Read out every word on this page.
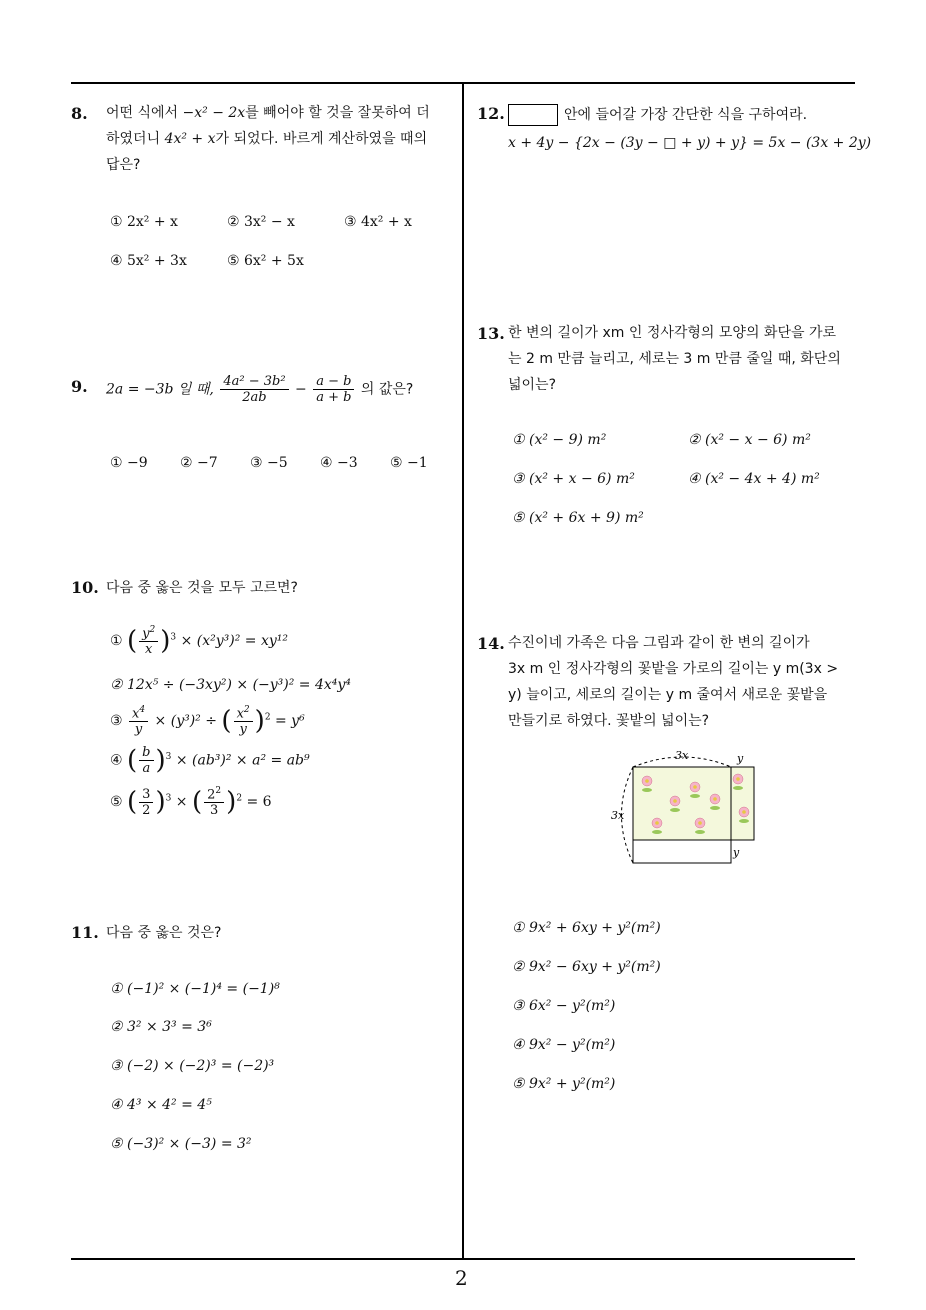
2
8. 어떤 식에서 −x² − 2x를 빼어야 할 것을 잘못하여 더
하였더니 4x² + x가 되었다. 바르게 계산하였을 때의
답은?
① 2x² + x	② 3x² − x	③ 4x² + x
④ 5x² + 3x	⑤ 6x² + 5x
9. 2a = −3b 일 때, $\frac{\text{4a² − 3b²}}{2ab} - \frac{a - b}{a + b}$ 의 값은?
① −9 ② −7 ③ −5 ④ −3 ⑤ −1
10. 다음 중 옳은 것을 모두 고르면?
① ( $\frac{y^2}{x} )^3 \times (x^2y^3)^2 = xy^{12}$
② 12x⁵ ÷ (−3xy²) × (−y³)² = 4x⁴y⁴
③ $\frac{x^4}{y} \times (y^3)^2$ ÷ ( $\frac{x^2}{y} )^2 = y^6$
④ ( $\frac{b}{a} )^3 \times (ab^3)^2 \times a^2 = ab^9$
⑤ ( $\frac{3}{2} )^3$ × ( $\frac{2^2}{3} )^2 = 6$
11. 다음 중 옳은 것은?
① (−1)² × (−1)⁴ = (−1)⁸
② 3² × 3³ = 3⁶
③ (−2) × (−2)³ = (−2)³
④ 4³ × 4² = 4⁵
⑤ (−3)² × (−3) = 3²
12.	안에 들어갈 가장 간단한 식을 구하여라.
x + 4y − {2x − (3y − □ + y) + y} = 5x − (3x + 2y)
13. 한 변의 길이가 xm 인 정사각형의 모양의 화단을 가로
는 2 m 만큼 늘리고, 세로는 3 m 만큼 줄일 때, 화단의
넓이는?
① (x² − 9) m²	② (x² − x − 6) m²
③ (x² + x − 6) m²	④ (x² − 4x + 4) m²
⑤ (x² + 6x + 9) m²
14. 수진이네 가족은 다음 그림과 같이 한 변의 길이가
3x m 인 정사각형의 꽃밭을 가로의 길이는 y m(3x >
y) 늘이고, 세로의 길이는 y m 줄여서 새로운 꽃밭을
만들기로 하였다. 꽃밭의 넓이는?
3x	y
3x
y
① 9x² + 6xy + y²(m²)
② 9x² − 6xy + y²(m²)
③ 6x² − y²(m²)
④ 9x² − y²(m²)
⑤ 9x² + y²(m²)
